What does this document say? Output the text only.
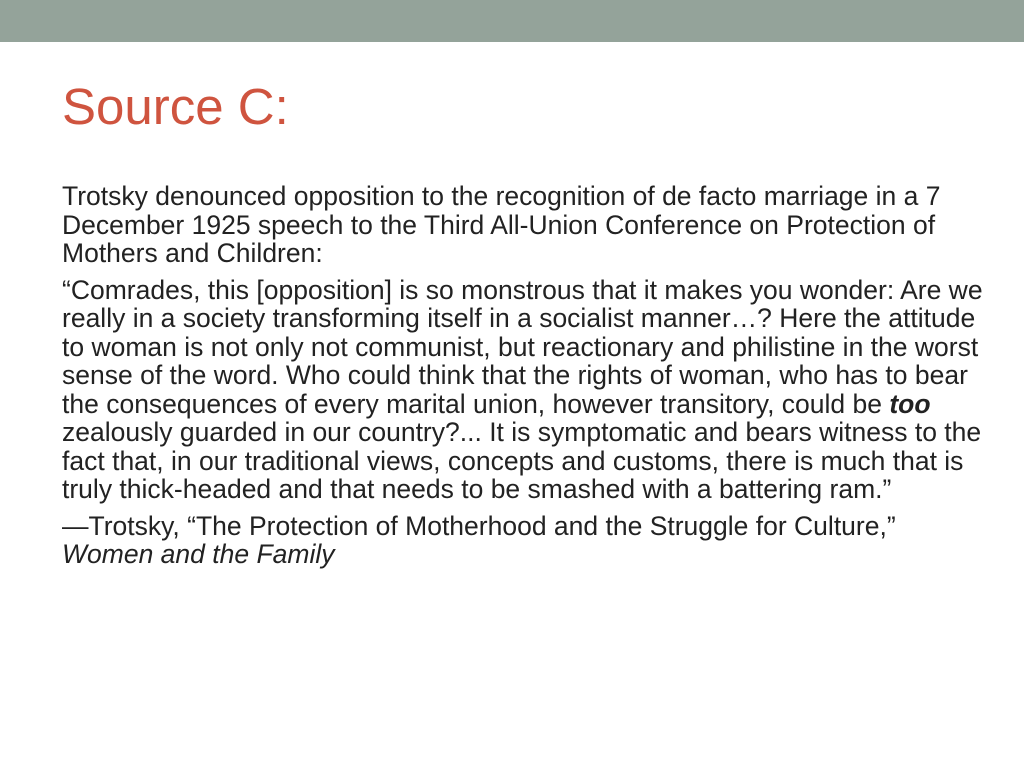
Source C:

Trotsky denounced opposition to the recognition of de facto marriage in a 7 December 1925 speech to the Third All-Union Conference on Protection of Mothers and Children:

“Comrades, this [opposition] is so monstrous that it makes you wonder: Are we really in a society transforming itself in a socialist manner…? Here the attitude to woman is not only not communist, but reactionary and philistine in the worst sense of the word. Who could think that the rights of woman, who has to bear the consequences of every marital union, however transitory, could be too zealously guarded in our country?... It is symptomatic and bears witness to the fact that, in our traditional views, concepts and customs, there is much that is truly thick-headed and that needs to be smashed with a battering ram.”

—Trotsky, “The Protection of Motherhood and the Struggle for Culture,” Women and the Family
